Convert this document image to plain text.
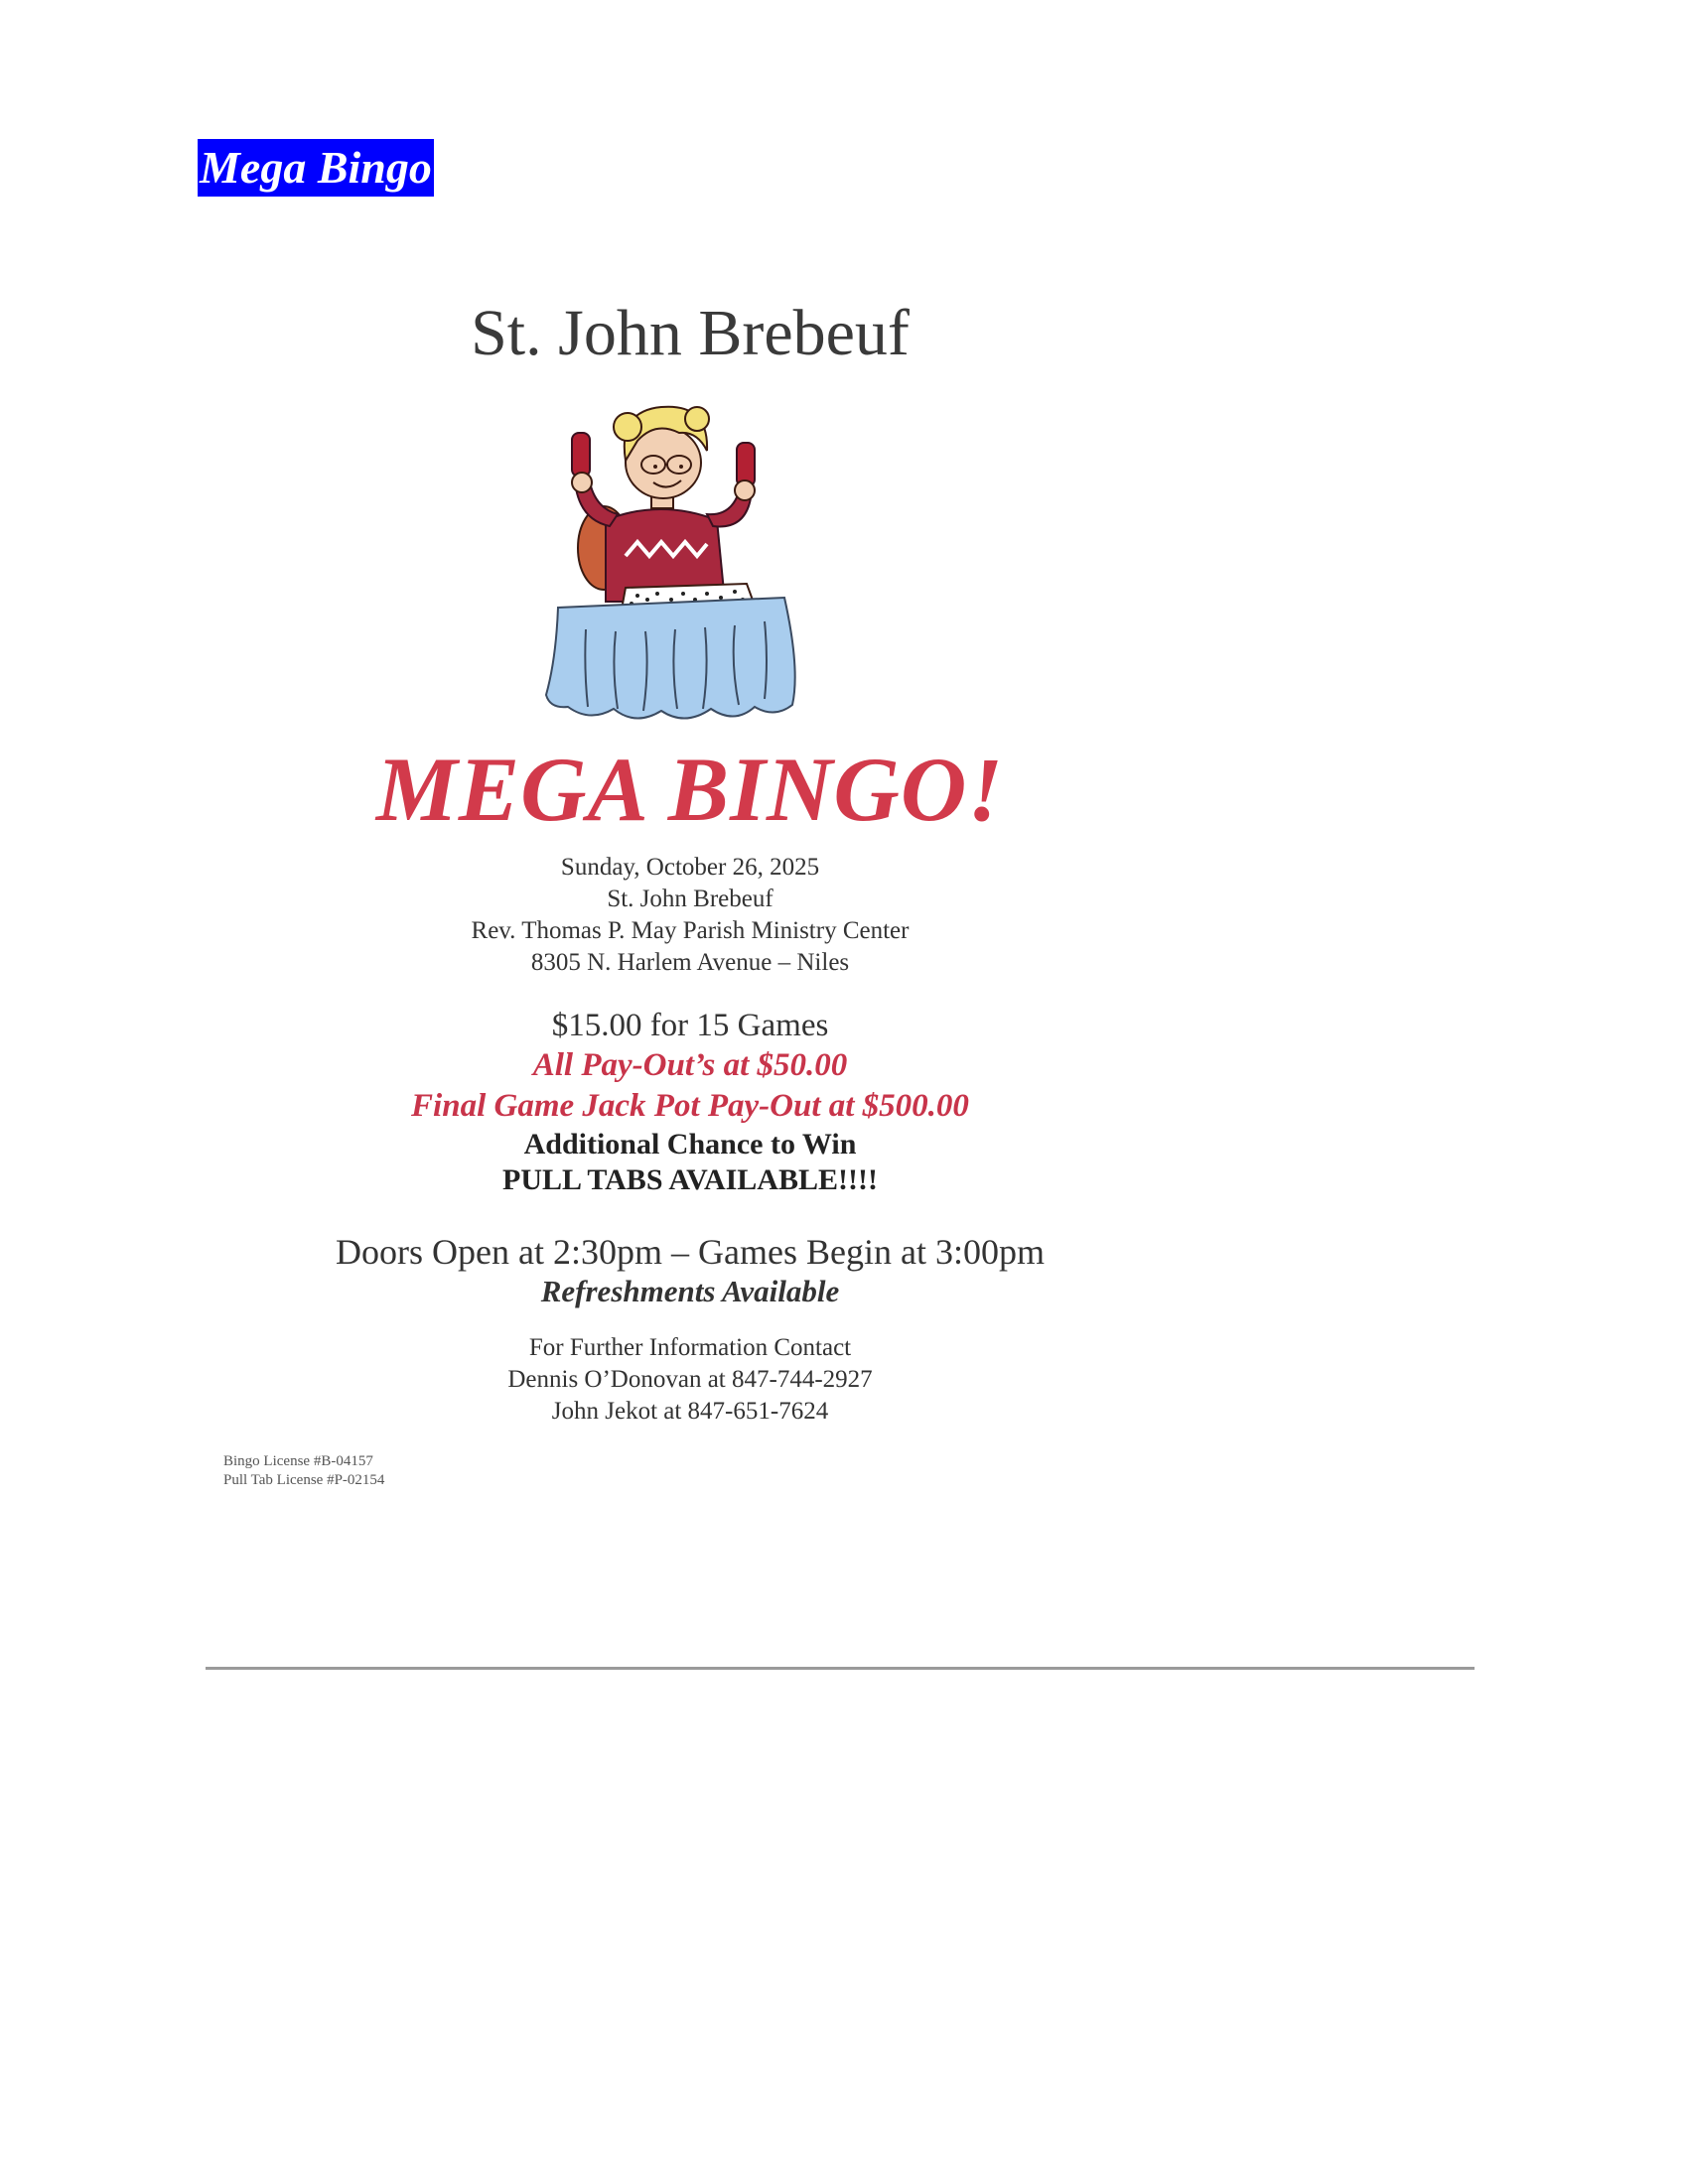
Mega Bingo
St. John Brebeuf
MEGA BINGO!
Sunday, October 26, 2025
St. John Brebeuf
Rev. Thomas P. May Parish Ministry Center
8305 N. Harlem Avenue – Niles
$15.00 for 15 Games
All Pay-Out’s at $50.00
Final Game Jack Pot Pay-Out at $500.00
Additional Chance to Win
PULL TABS AVAILABLE!!!!
Doors Open at 2:30pm – Games Begin at 3:00pm
Refreshments Available
For Further Information Contact
Dennis O’Donovan at 847-744-2927
John Jekot at 847-651-7624
Bingo License #B-04157
Pull Tab License #P-02154
